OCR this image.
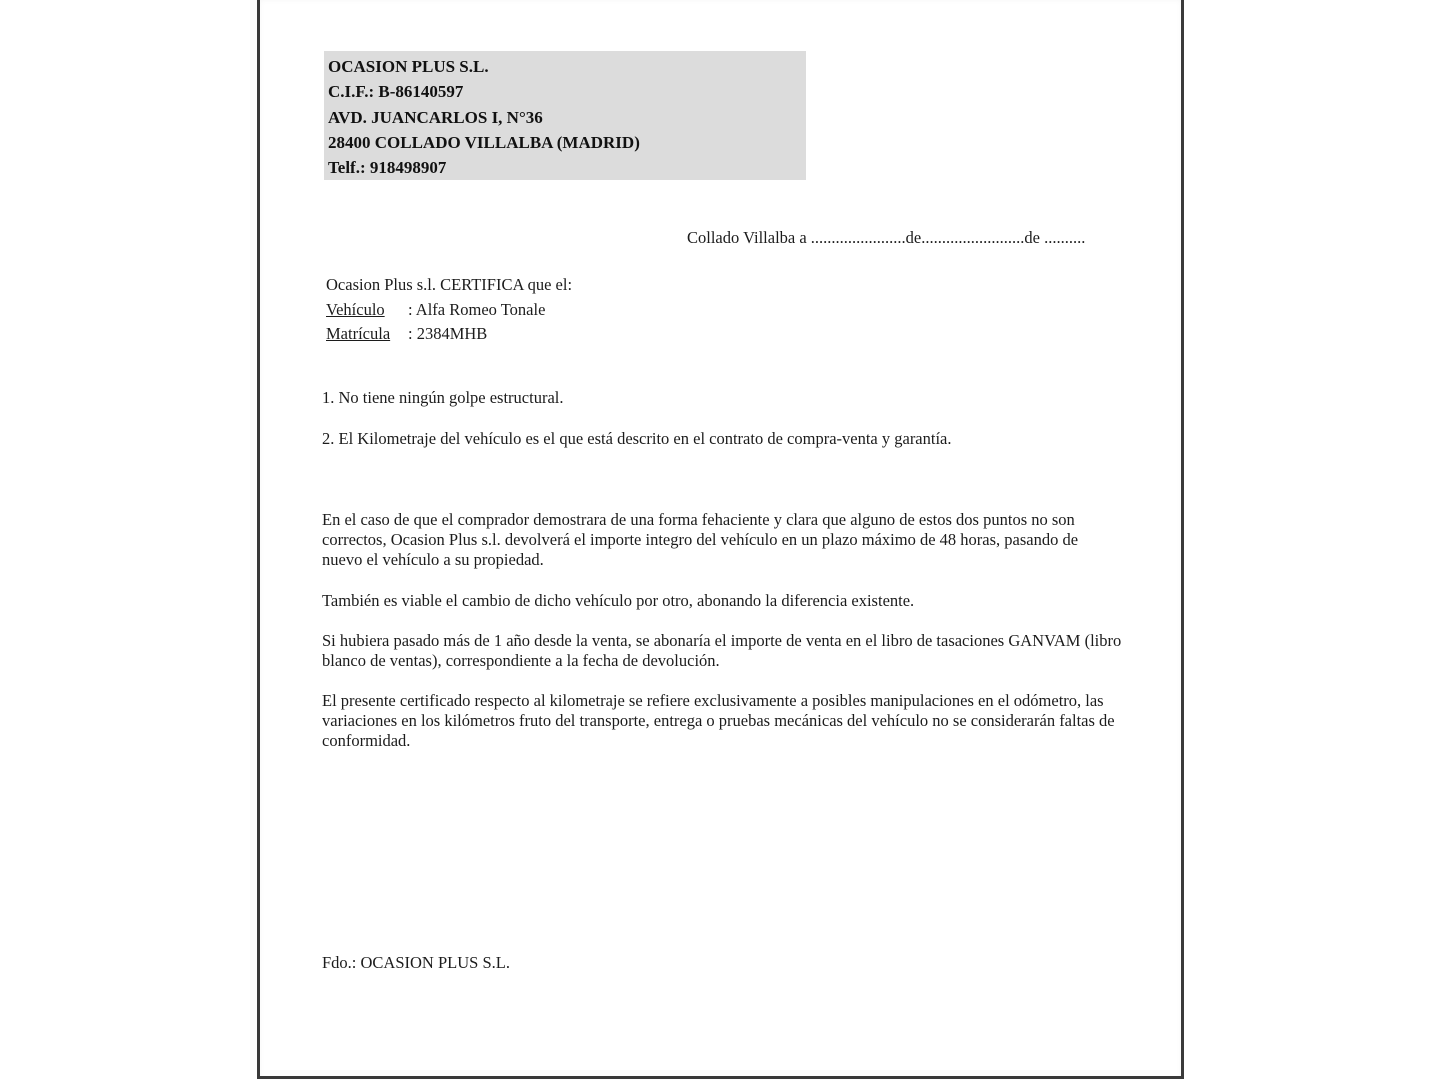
OCASION PLUS S.L.
C.I.F.: B-86140597
AVD. JUANCARLOS I, N°36
28400 COLLADO VILLALBA (MADRID)
Telf.: 918498907
Collado Villalba a .......................de.........................de ..........
Ocasion Plus s.l. CERTIFICA que el:
Vehículo : Alfa Romeo Tonale
Matrícula : 2384MHB
1. No tiene ningún golpe estructural.
2. El Kilometraje del vehículo es el que está descrito en el contrato de compra-venta y garantía.
En el caso de que el comprador demostrara de una forma fehaciente y clara que alguno de estos dos puntos no son correctos, Ocasion Plus s.l. devolverá el importe integro del vehículo en un plazo máximo de 48 horas, pasando de nuevo el vehículo a su propiedad.
También es viable el cambio de dicho vehículo por otro, abonando la diferencia existente.
Si hubiera pasado más de 1 año desde la venta, se abonaría el importe de venta en el libro de tasaciones GANVAM (libro blanco de ventas), correspondiente a la fecha de devolución.
El presente certificado respecto al kilometraje se refiere exclusivamente a posibles manipulaciones en el odómetro, las variaciones en los kilómetros fruto del transporte, entrega o pruebas mecánicas del vehículo no se considerarán faltas de conformidad.
Fdo.: OCASION PLUS S.L.
